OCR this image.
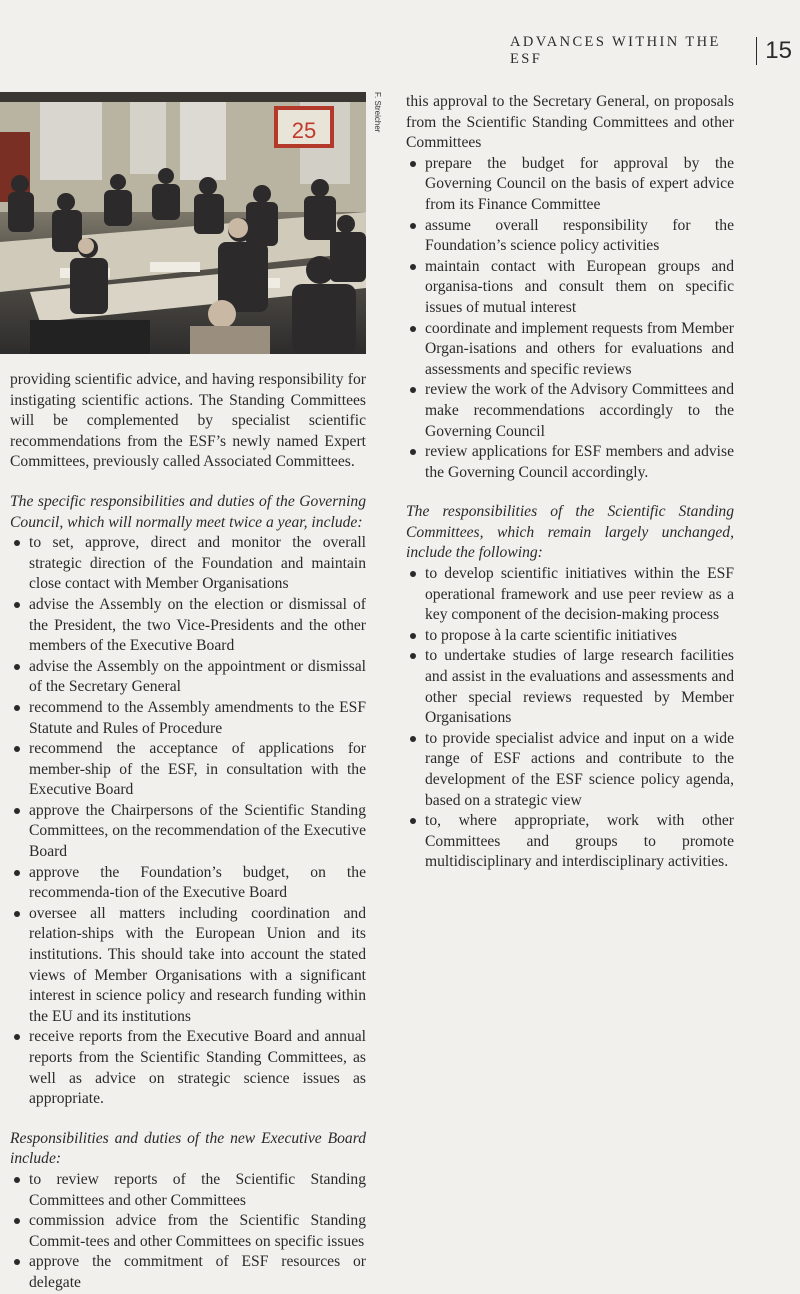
ADVANCES WITHIN THE ESF	15
25	F. Streicher

providing scientific advice, and having responsibility for instigating scientific actions. The Standing Committees will be complemented by specialist scientific recommendations from the ESF’s newly named Expert Committees, previously called Associated Committees.

The specific responsibilities and duties of the Governing Council, which will normally meet twice a year, include:

to set, approve, direct and monitor the overall strategic direction of the Foundation and maintain close contact with Member Organisations
advise the Assembly on the election or dismissal of the President, the two Vice-Presidents and the other members of the Executive Board
advise the Assembly on the appointment or dismissal of the Secretary General
recommend to the Assembly amendments to the ESF Statute and Rules of Procedure
recommend the acceptance of applications for member-ship of the ESF, in consultation with the Executive Board
approve the Chairpersons of the Scientific Standing Committees, on the recommendation of the Executive Board
approve the Foundation’s budget, on the recommenda-tion of the Executive Board
oversee all matters including coordination and relation-ships with the European Union and its institutions. This should take into account the stated views of Member Organisations with a significant interest in science policy and research funding within the EU and its institutions
receive reports from the Executive Board and annual reports from the Scientific Standing Committees, as well as advice on strategic science issues as appropriate.

Responsibilities and duties of the new Executive Board include:

to review reports of the Scientific Standing Committees and other Committees
commission advice from the Scientific Standing Commit-tees and other Committees on specific issues
approve the commitment of ESF resources or delegate

this approval to the Secretary General, on proposals from the Scientific Standing Committees and other Committees

prepare the budget for approval by the Governing Council on the basis of expert advice from its Finance Committee
assume overall responsibility for the Foundation’s science policy activities
maintain contact with European groups and organisa-tions and consult them on specific issues of mutual interest
coordinate and implement requests from Member Organ-isations and others for evaluations and assessments and specific reviews
review the work of the Advisory Committees and make recommendations accordingly to the Governing Council
review applications for ESF members and advise the Governing Council accordingly.

The responsibilities of the Scientific Standing Committees, which remain largely unchanged, include the following:

to develop scientific initiatives within the ESF operational framework and use peer review as a key component of the decision-making process
to propose à la carte scientific initiatives
to undertake studies of large research facilities and assist in the evaluations and assessments and other special reviews requested by Member Organisations
to provide specialist advice and input on a wide range of ESF actions and contribute to the development of the ESF science policy agenda, based on a strategic view
to, where appropriate, work with other Committees and groups to promote multidisciplinary and interdisciplinary activities.
